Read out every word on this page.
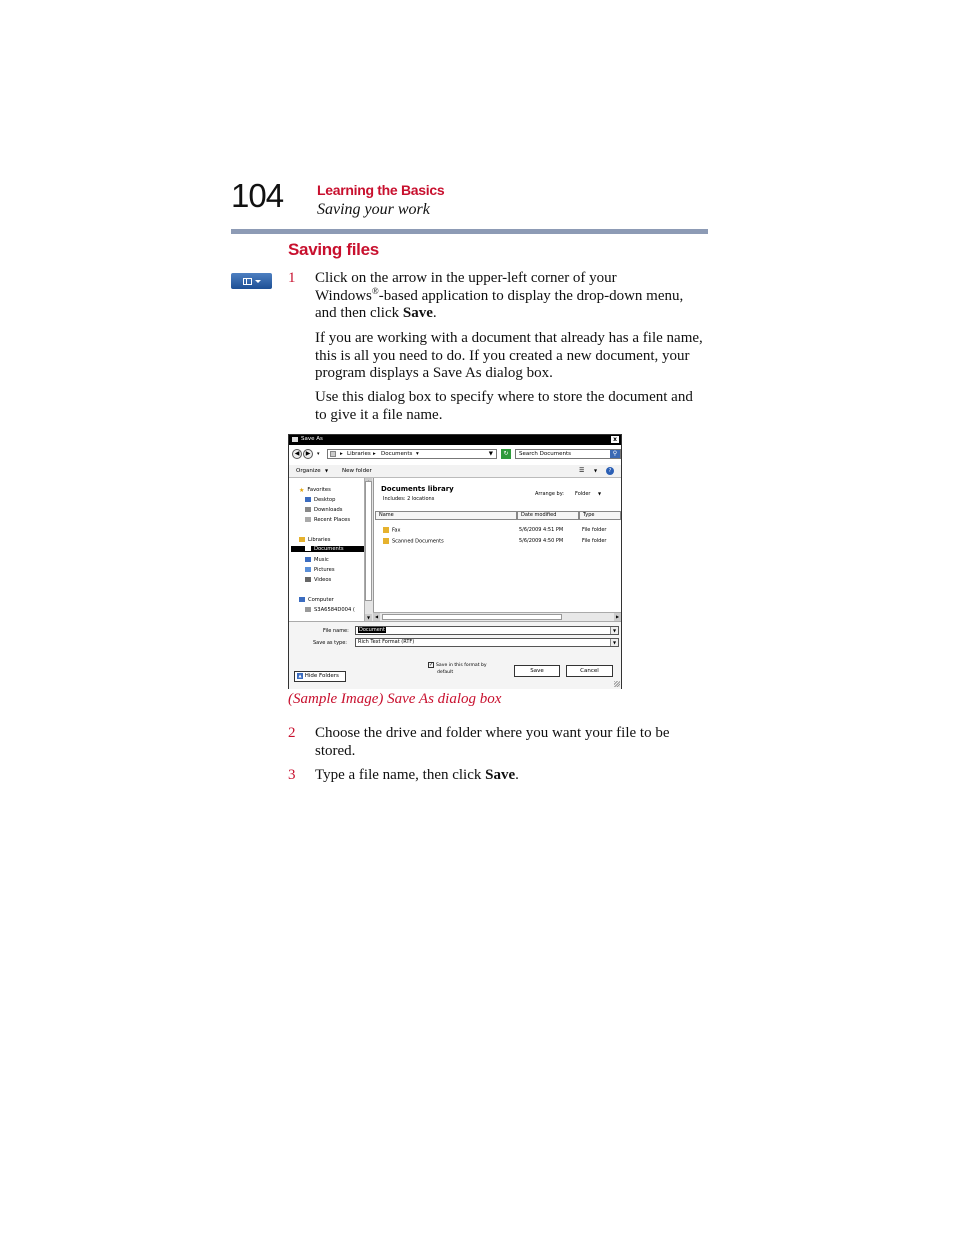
104 Learning the Basics
Saving your work
Saving files
1 Click on the arrow in the upper-left corner of your
Windows®-based application to display the drop-down menu,
and then click Save.
If you are working with a document that already has a file name, this is all you need to do. If you created a new document, your program displays a Save As dialog box.
Use this dialog box to specify where to store the document and to give it a file name.
Save As	x
◀	▶	▾	▸ Libraries ▸ Documents ▾	▼	↻	Search Documents	⚲
Organize ▼	New folder	☰ ▼	?
★ Favorites
Desktop
Downloads
Recent Places
Libraries
Documents
Music
Pictures
Videos
Computer
S3A6584D004 (
▼
Documents library
Includes: 2 locations
Arrange by: Folder ▼
Name	Date modified	Type
Fax	5/6/2009 4:51 PM	File folder
Scanned Documents	5/6/2009 4:50 PM	File folder
◀	▶
File name:	Document	▼
Save as type:	Rich Text Format (RTF)	▼
✓ Save in this format by
default	Save	Cancel
▲ Hide Folders
(Sample Image) Save As dialog box
2 Choose the drive and folder where you want your file to be stored.
3 Type a file name, then click Save.
